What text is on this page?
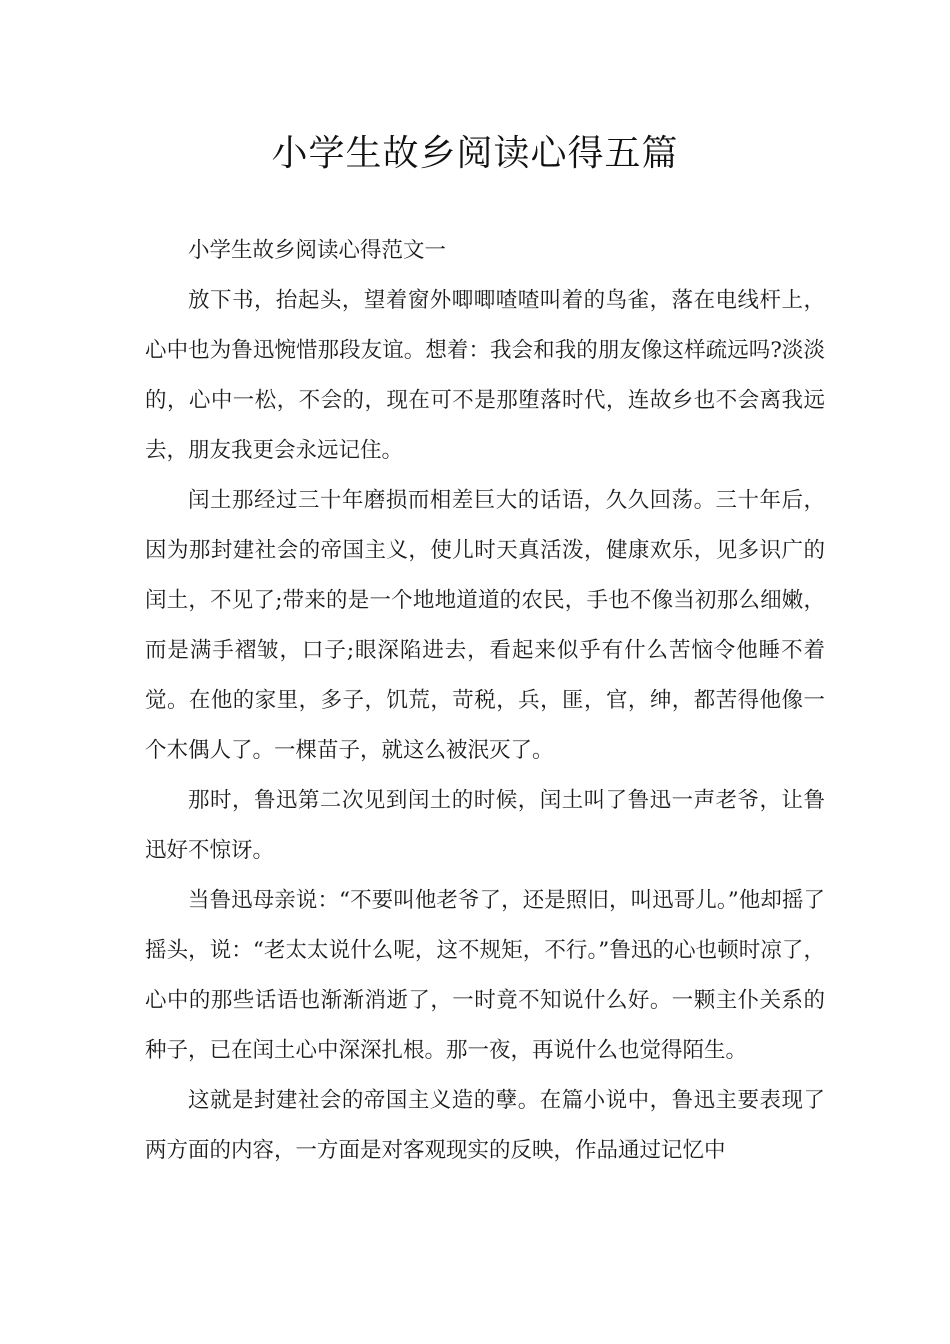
小学生故乡阅读心得五篇

小学生故乡阅读心得范文一

放下书，抬起头，望着窗外唧唧喳喳叫着的鸟雀，落在电线杆上，心中也为鲁迅惋惜那段友谊。想着：我会和我的朋友像这样疏远吗?淡淡的，心中一松，不会的，现在可不是那堕落时代，连故乡也不会离我远去，朋友我更会永远记住。

闰土那经过三十年磨损而相差巨大的话语，久久回荡。三十年后，因为那封建社会的帝国主义，使儿时天真活泼，健康欢乐，见多识广的闰土，不见了;带来的是一个地地道道的农民，手也不像当初那么细嫩，而是满手褶皱，口子;眼深陷进去，看起来似乎有什么苦恼令他睡不着觉。在他的家里，多子，饥荒，苛税，兵，匪，官，绅，都苦得他像一个木偶人了。一棵苗子，就这么被泯灭了。

那时，鲁迅第二次见到闰土的时候，闰土叫了鲁迅一声老爷，让鲁迅好不惊讶。

当鲁迅母亲说：“不要叫他老爷了，还是照旧，叫迅哥儿。”他却摇了摇头，说：“老太太说什么呢，这不规矩，不行。”鲁迅的心也顿时凉了，心中的那些话语也渐渐消逝了，一时竟不知说什么好。一颗主仆关系的种子，已在闰土心中深深扎根。那一夜，再说什么也觉得陌生。

这就是封建社会的帝国主义造的孽。在篇小说中，鲁迅主要表现了两方面的内容，一方面是对客观现实的反映，作品通过记忆中
